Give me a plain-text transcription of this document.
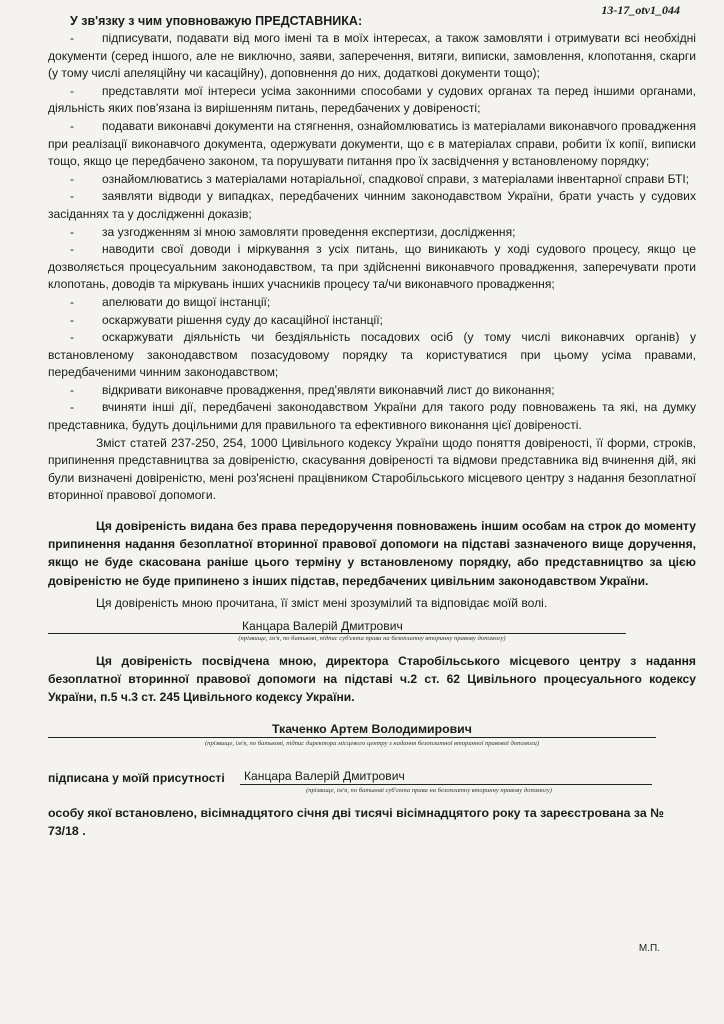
13-17_otv1_044
У зв'язку з чим уповноважую ПРЕДСТАВНИКА:

- підписувати, подавати від мого імені та в моїх інтересах, а також замовляти і отримувати всі необхідні документи (серед іншого, але не виключно, заяви, заперечення, витяги, виписки, замовлення, клопотання, скарги (у тому числі апеляційну чи касаційну), доповнення до них, додаткові документи тощо);

- представляти мої інтереси усіма законними способами у судових органах та перед іншими органами, діяльність яких пов'язана із вирішенням питань, передбачених у довіреності;

- подавати виконавчі документи на стягнення, ознайомлюватись із матеріалами виконавчого провадження при реалізації виконавчого документа, одержувати документи, що є в матеріалах справи, робити їх копії, виписки тощо, якщо це передбачено законом, та порушувати питання про їх засвідчення у встановленому порядку;

- ознайомлюватись з матеріалами нотаріальної, спадкової справи, з матеріалами інвентарної справи БТІ;

- заявляти відводи у випадках, передбачених чинним законодавством України, брати участь у судових засіданнях та у дослідженні доказів;

- за узгодженням зі мною замовляти проведення експертизи, дослідження;

- наводити свої доводи і міркування з усіх питань, що виникають у ході судового процесу, якщо це дозволяється процесуальним законодавством, та при здійсненні виконавчого провадження, заперечувати проти клопотань, доводів та міркувань інших учасників процесу та/чи виконавчого провадження;

- апелювати до вищої інстанції;

- оскаржувати рішення суду до касаційної інстанції;

- оскаржувати діяльність чи бездіяльність посадових осіб (у тому числі виконавчих органів) у встановленому законодавством позасудовому порядку та користуватися при цьому усіма правами, передбаченими чинним законодавством;

- відкривати виконавче провадження, пред'являти виконавчий лист до виконання;

- вчиняти інші дії, передбачені законодавством України для такого роду повноважень та які, на думку представника, будуть доцільними для правильного та ефективного виконання цієї довіреності.

Зміст статей 237-250, 254, 1000 Цивільного кодексу України щодо поняття довіреності, її форми, строків, припинення представництва за довіреністю, скасування довіреності та відмови представника від вчинення дій, які були визначені довіреністю, мені роз'яснені працівником Старобільського місцевого центру з надання безоплатної вторинної правової допомоги.

Ця довіреність видана без права передоручення повноважень іншим особам на строк до моменту припинення надання безоплатної вторинної правової допомоги на підставі зазначеного вище доручення, якщо не буде скасована раніше цього терміну у встановленому порядку, або представництво за цією довіреністю не буде припинено з інших підстав, передбачених цивільним законодавством України.

Ця довіреність мною прочитана, її зміст мені зрозумілий та відповідає моїй волі.

Канцара Валерій Дмитрович
(прізвище, ім'я, по батькові, підпис суб'єкта права на безоплатну вторинну правову допомогу)

Ця довіреність посвідчена мною, директора Старобільського місцевого центру з надання безоплатної вторинної правової допомоги на підставі ч.2 ст. 62 Цивільного процесуального кодексу України, п.5 ч.3 ст. 245 Цивільного кодексу України.

Ткаченко Артем Володимирович
(прізвище, ім'я, по батькові, підпис директора місцевого центру з надання безоплатної вторинної правової допомоги)
підписана у моїй присутності Канцара Валерій Дмитрович
(прізвище, ім'я, по батькові суб'єкта права на безоплатну вторинну правову допомогу)

особу якої встановлено, вісімнадцятого січня дві тисячі вісімнадцятого року та зареєстрована за № 73/18 .

М.П.
